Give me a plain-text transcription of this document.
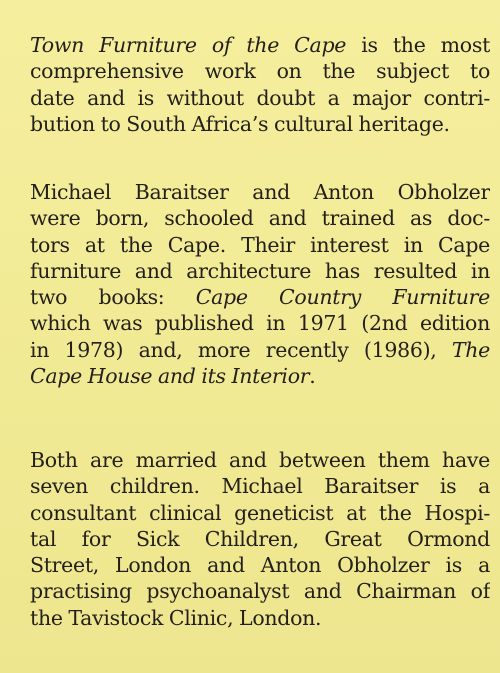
Town Furniture of the Cape is the most
comprehensive work on the subject to
date and is without doubt a major contri-
bution to South Africa’s cultural heritage.
Michael Baraitser and Anton Obholzer
were born, schooled and trained as doc-
tors at the Cape. Their interest in Cape
furniture and architecture has resulted in
two books: Cape Country Furniture
which was published in 1971 (2nd edition
in 1978) and, more recently (1986), The
Cape House and its Interior.
Both are married and between them have
seven children. Michael Baraitser is a
consultant clinical geneticist at the Hospi-
tal for Sick Children, Great Ormond
Street, London and Anton Obholzer is a
practising psychoanalyst and Chairman of
the Tavistock Clinic, London.
